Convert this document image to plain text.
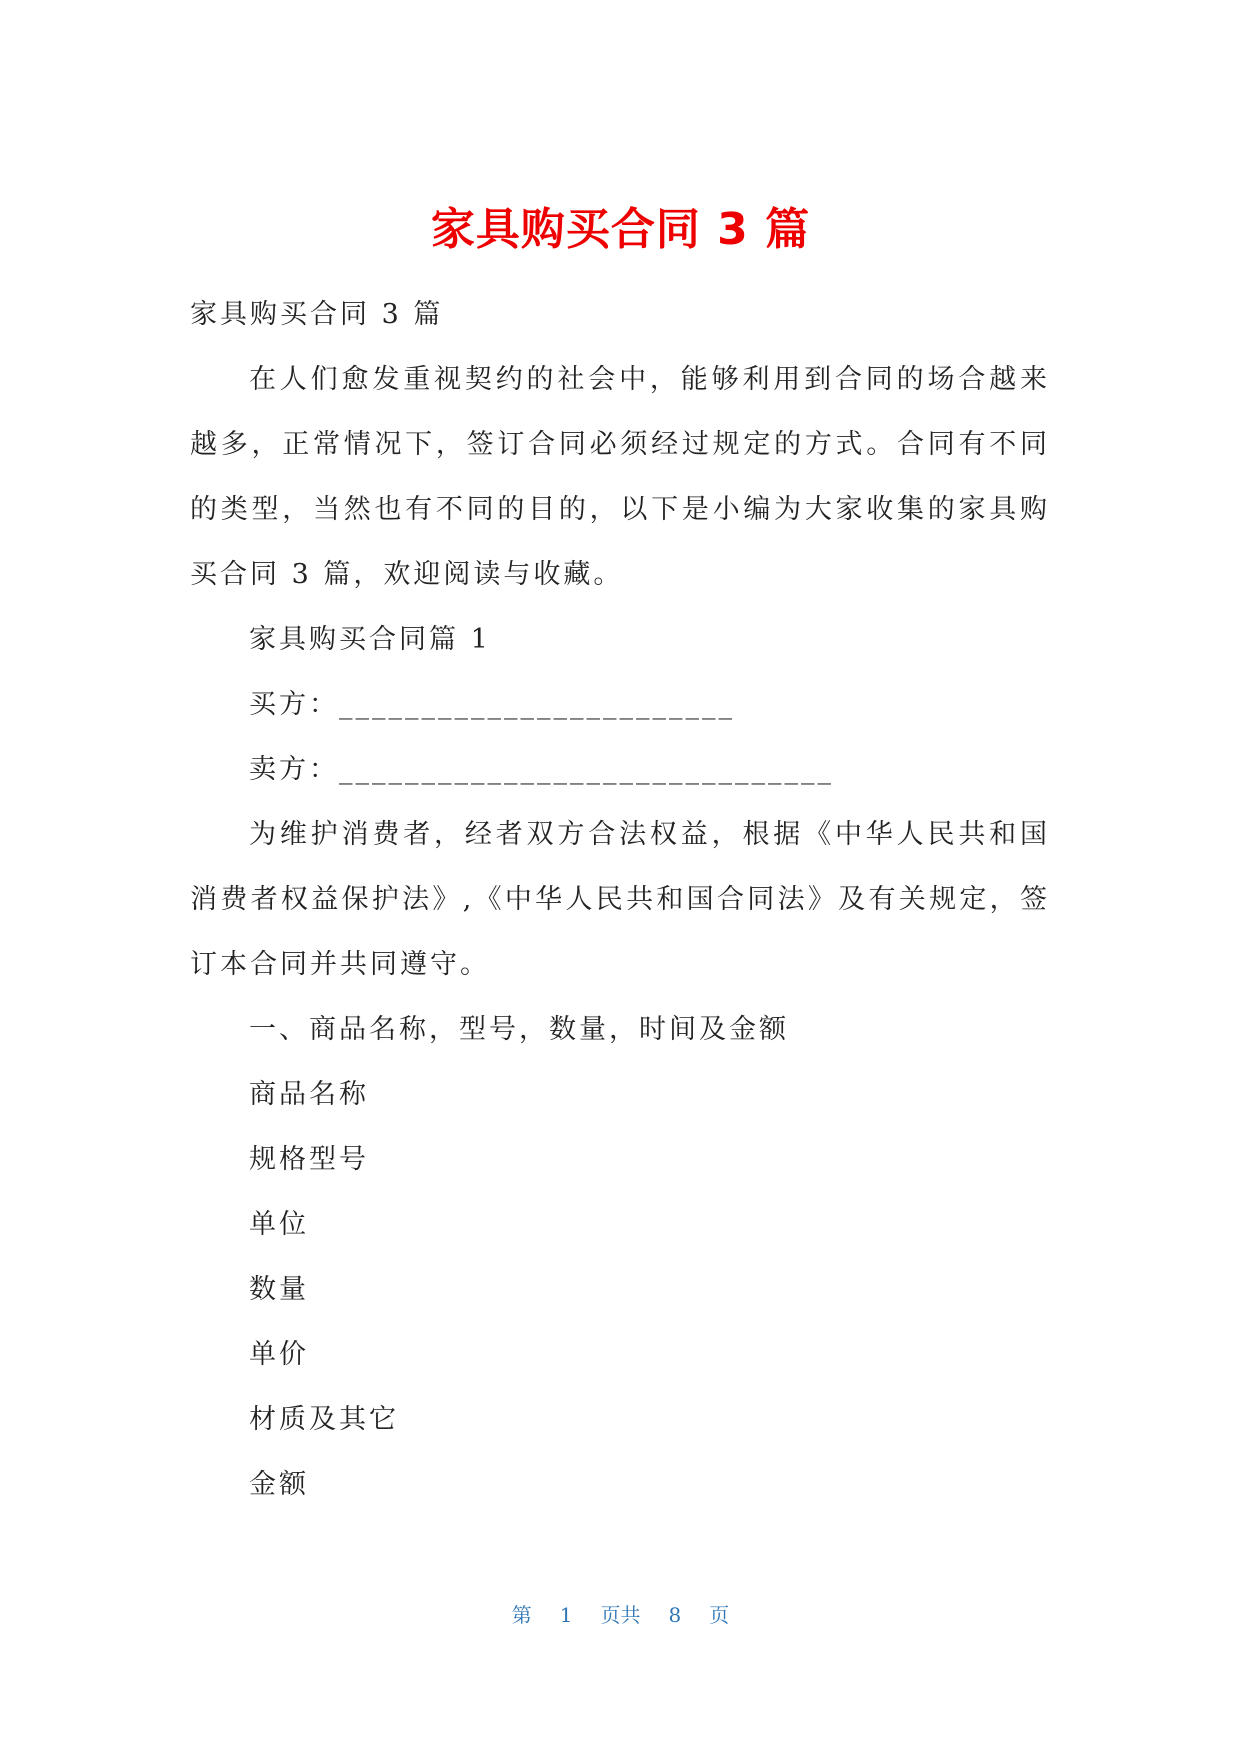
家具购买合同 3 篇

家具购买合同 3 篇

在人们愈发重视契约的社会中，能够利用到合同的场合越来越多，正常情况下，签订合同必须经过规定的方式。合同有不同的类型，当然也有不同的目的，以下是小编为大家收集的家具购买合同 3 篇，欢迎阅读与收藏。

家具购买合同篇 1

买方：________________________

卖方：______________________________

为维护消费者，经者双方合法权益，根据《中华人民共和国消费者权益保护法》,《中华人民共和国合同法》及有关规定，签订本合同并共同遵守。

一、商品名称，型号，数量，时间及金额

商品名称

规格型号

单位

数量

单价

材质及其它

金额

第 1 页共 8 页
